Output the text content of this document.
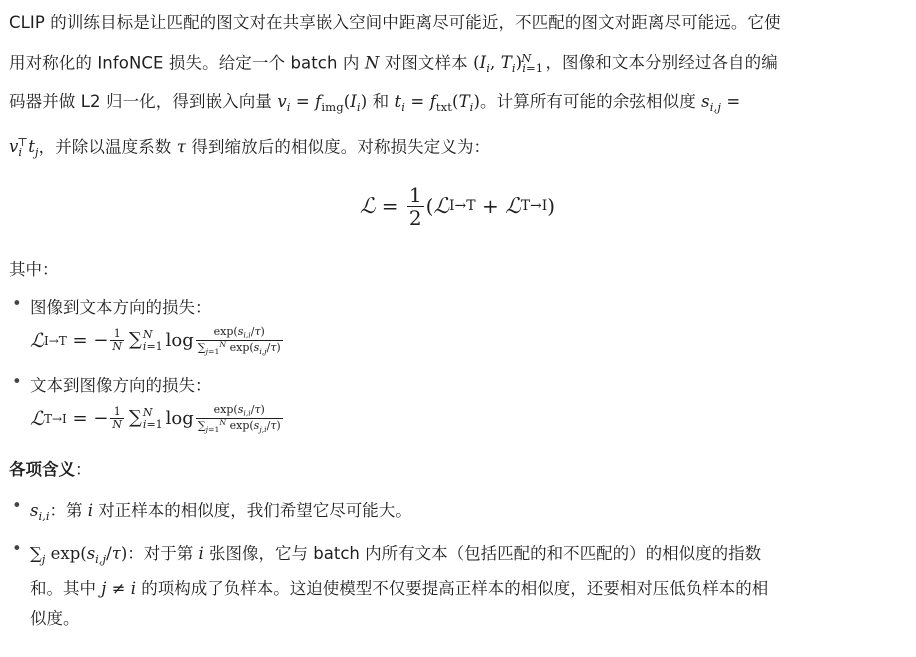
CLIP 的训练目标是让匹配的图文对在共享嵌入空间中距离尽可能近，不匹配的图文对距离尽可能远。它使
用对称化的 InfoNCE 损失。给定一个 batch 内 N 对图文样本 ($I_i$, $T_i)_{i=1}^N$ ，图像和文本分别经过各自的编
码器并做 L2 归一化，得到嵌入向量 $v_i = f_{img}(I_i)$ 和 $t_i = f_{txt}(T_i)$。计算所有可能的余弦相似度 $s_{i,j}$ =
$v_i^⊤t_j$，并除以温度系数 τ 得到缩放后的相似度。对称损失定义为：

ℒ = $\frac{1}{2}$ ( ℒ I→T + ℒ T→I )
其中：
• 图像到文本方向的损失：
ℒ I→T = − $\frac{1}{N}$ ∑ N
i=1 $\log \frac{\exp(s_{i,i}/\tau)}{\sum_{j=1}^N \exp(s_{i,j}/\tau)}$
• 文本到图像方向的损失：
ℒ T→I = − $\frac{1}{N}$ ∑ N
i=1 $\log \frac{\exp(s_{i,i}/\tau)}{\sum_{j=1}^N \exp(s_{j,i}/\tau)}$
各项含义：
• $s_{i,i}$：第 i 对正样本的相似度，我们希望它尽可能大。
• $\sum_j$ $\exp(s_{i,j}/\tau)$：对于第 i 张图像，它与 batch 内所有文本（包括匹配的和不匹配的）的相似度的指数
和。其中 j ≠ i 的项构成了负样本。这迫使模型不仅要提高正样本的相似度，还要相对压低负样本的相
似度。
